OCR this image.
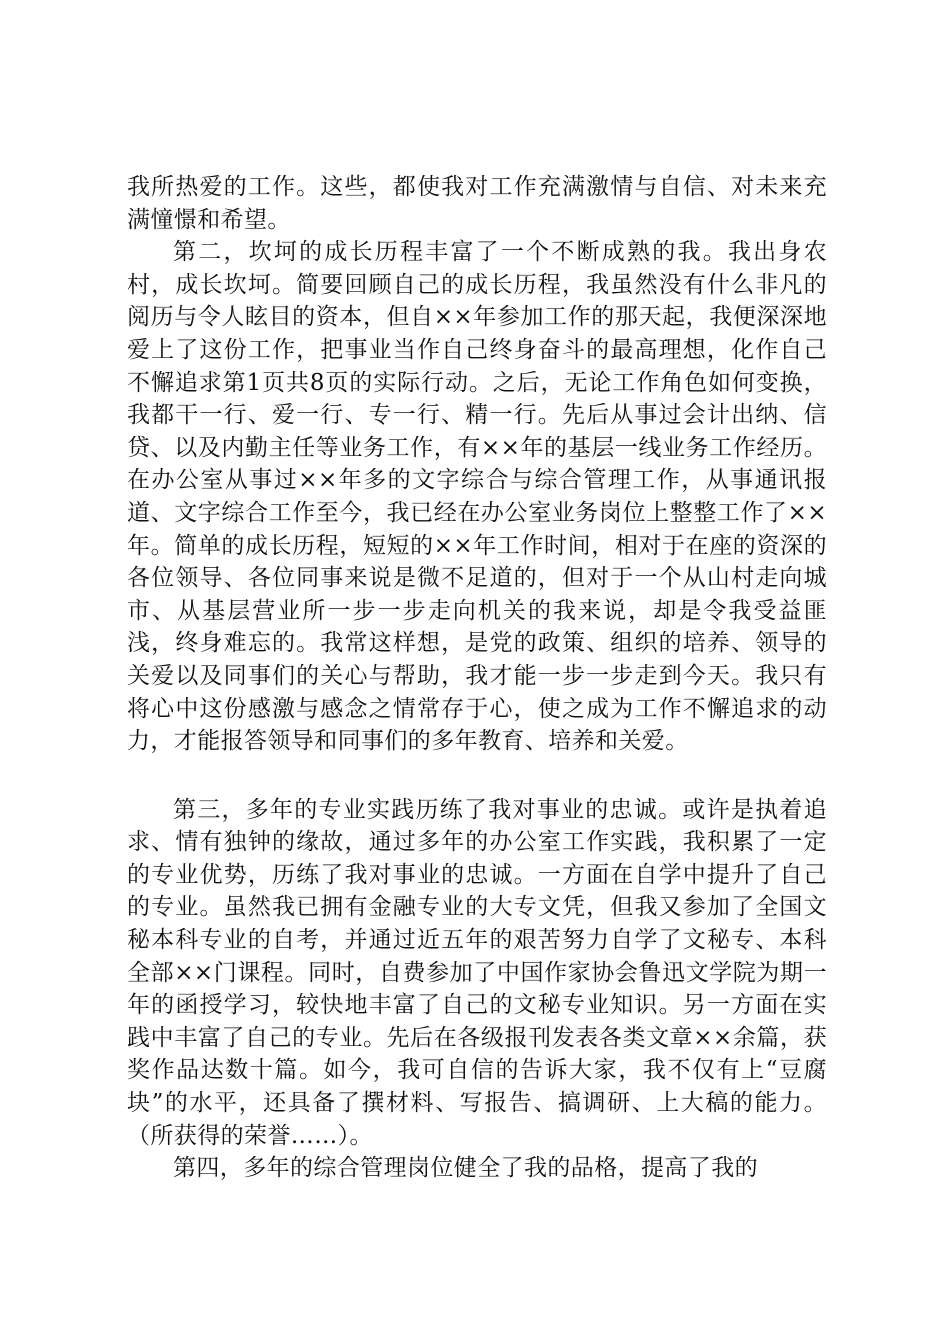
我所热爱的工作。这些，都使我对工作充满激情与自信、对未来充满憧憬和希望。

第二，坎坷的成长历程丰富了一个不断成熟的我。我出身农村，成长坎坷。简要回顾自己的成长历程，我虽然没有什么非凡的阅历与令人眩目的资本，但自××年参加工作的那天起，我便深深地爱上了这份工作，把事业当作自己终身奋斗的最高理想，化作自己不懈追求第1页共8页的实际行动。之后，无论工作角色如何变换，我都干一行、爱一行、专一行、精一行。先后从事过会计出纳、信贷、以及内勤主任等业务工作，有××年的基层一线业务工作经历。在办公室从事过××年多的文字综合与综合管理工作，从事通讯报道、文字综合工作至今，我已经在办公室业务岗位上整整工作了××年。简单的成长历程，短短的××年工作时间，相对于在座的资深的各位领导、各位同事来说是微不足道的，但对于一个从山村走向城市、从基层营业所一步一步走向机关的我来说，却是令我受益匪浅，终身难忘的。我常这样想，是党的政策、组织的培养、领导的关爱以及同事们的关心与帮助，我才能一步一步走到今天。我只有将心中这份感激与感念之情常存于心，使之成为工作不懈追求的动力，才能报答领导和同事们的多年教育、培养和关爱。

第三，多年的专业实践历练了我对事业的忠诚。或许是执着追求、情有独钟的缘故，通过多年的办公室工作实践，我积累了一定的专业优势，历练了我对事业的忠诚。一方面在自学中提升了自己的专业。虽然我已拥有金融专业的大专文凭，但我又参加了全国文秘本科专业的自考，并通过近五年的艰苦努力自学了文秘专、本科全部××门课程。同时，自费参加了中国作家协会鲁迅文学院为期一年的函授学习，较快地丰富了自己的文秘专业知识。另一方面在实践中丰富了自己的专业。先后在各级报刊发表各类文章××余篇，获奖作品达数十篇。如今，我可自信的告诉大家，我不仅有上“豆腐块”的水平，还具备了撰材料、写报告、搞调研、上大稿的能力。（所获得的荣誉……）。

第四，多年的综合管理岗位健全了我的品格，提高了我的
